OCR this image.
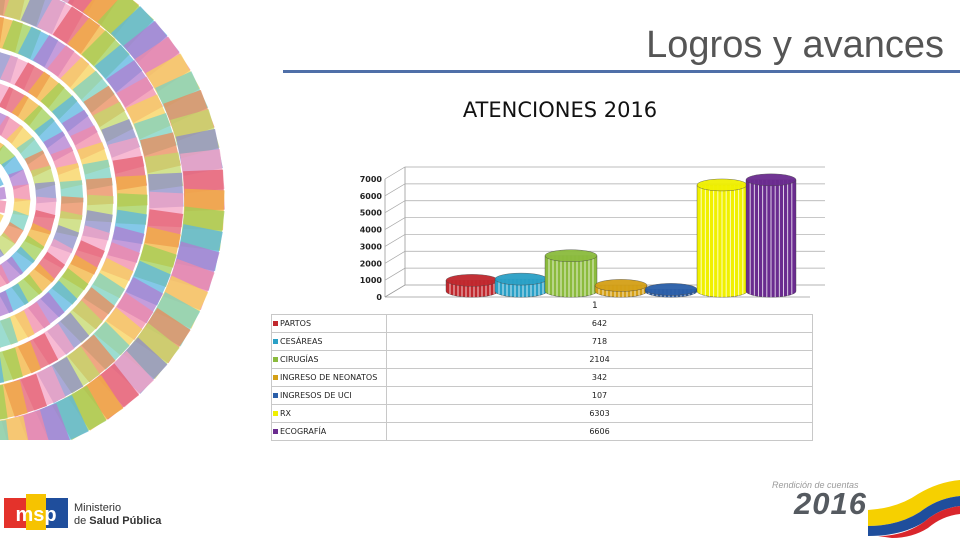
Logros y avances
ATENCIONES 2016
0
1000
2000
3000
4000
5000
6000
7000
1
PARTOS	642
CESÁREAS	718
CIRUGÍAS	2104
INGRESO DE NEONATOS	342
INGRESOS DE UCI	107
RX	6303
ECOGRAFÍA	6606
msp Ministerio
de Salud Pública
Rendición de cuentas
2016
